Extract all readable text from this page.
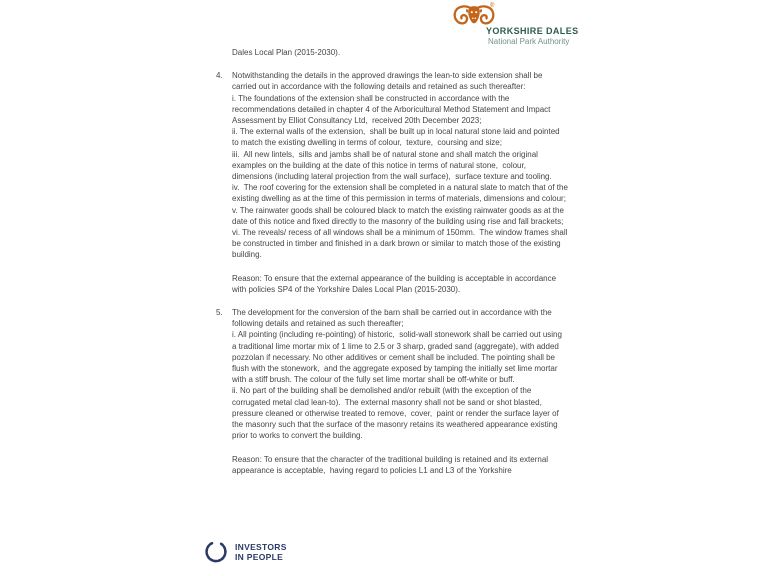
®
YORKSHIRE DALES
National Park Authority

Dales Local Plan (2015-2030).

4.	Notwithstanding the details in the approved drawings the lean-to side extension shall be carried out in accordance with the following details and retained as such thereafter:

i. The foundations of the extension shall be constructed in accordance with the recommendations detailed in chapter 4 of the Arboricultural Method Statement and Impact Assessment by Elliot Consultancy Ltd,  received 20th December 2023;

ii. The external walls of the extension,  shall be built up in local natural stone laid and pointed to match the existing dwelling in terms of colour,  texture,  coursing and size;

iii.  All new lintels,  sills and jambs shall be of natural stone and shall match the original examples on the building at the date of this notice in terms of natural stone,  colour, dimensions (including lateral projection from the wall surface),  surface texture and tooling.

iv.  The roof covering for the extension shall be completed in a natural slate to match that of the existing dwelling as at the time of this permission in terms of materials, dimensions and colour;

v. The rainwater goods shall be coloured black to match the existing rainwater goods as at the date of this notice and fixed directly to the masonry of the building using rise and fall brackets;

vi. The reveals/ recess of all windows shall be a minimum of 150mm.  The window frames shall be constructed in timber and finished in a dark brown or similar to match those of the existing building.

Reason: To ensure that the external appearance of the building is acceptable in accordance with policies SP4 of the Yorkshire Dales Local Plan (2015-2030).

5.	The development for the conversion of the barn shall be carried out in accordance with the following details and retained as such thereafter;

i. All pointing (including re-pointing) of historic,  solid-wall stonework shall be carried out using a traditional lime mortar mix of 1 lime to 2.5 or 3 sharp, graded sand (aggregate), with added pozzolan if necessary. No other additives or cement shall be included. The pointing shall be flush with the stonework,  and the aggregate exposed by tamping the initially set lime mortar with a stiff brush. The colour of the fully set lime mortar shall be off-white or buff.

ii. No part of the building shall be demolished and/or rebuilt (with the exception of the corrugated metal clad lean-to).  The external masonry shall not be sand or shot blasted, pressure cleaned or otherwise treated to remove,  cover,  paint or render the surface layer of the masonry such that the surface of the masonry retains its weathered appearance existing prior to works to convert the building.

Reason: To ensure that the character of the traditional building is retained and its external appearance is acceptable,  having regard to policies L1 and L3 of the Yorkshire

INVESTORS
IN PEOPLE
